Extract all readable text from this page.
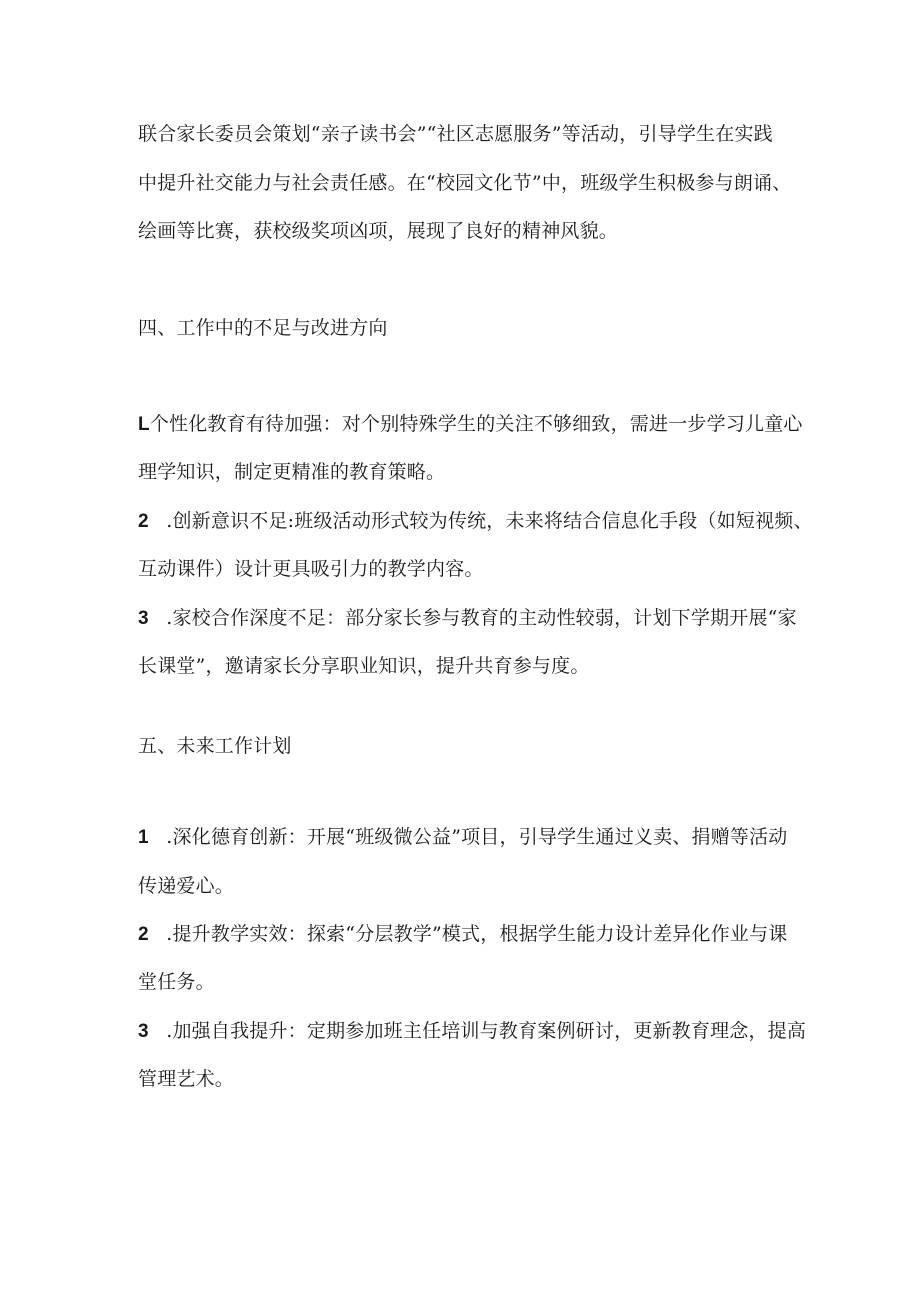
联合家长委员会策划“亲子读书会”“社区志愿服务”等活动，引导学生在实践
中提升社交能力与社会责任感。在“校园文化节”中，班级学生积极参与朗诵、
绘画等比赛，获校级奖项凶项，展现了良好的精神风貌。
四、工作中的不足与改进方向
L个性化教育有待加强：对个别特殊学生的关注不够细致，需进一步学习儿童心
理学知识，制定更精准的教育策略。
2 .创新意识不足:班级活动形式较为传统，未来将结合信息化手段（如短视频、
互动课件）设计更具吸引力的教学内容。
3 .家校合作深度不足：部分家长参与教育的主动性较弱，计划下学期开展“家
长课堂”，邀请家长分享职业知识，提升共育参与度。
五、未来工作计划
1 .深化德育创新：开展“班级微公益”项目，引导学生通过义卖、捐赠等活动
传递爱心。
2 .提升教学实效：探索“分层教学”模式，根据学生能力设计差异化作业与课
堂任务。
3 .加强自我提升：定期参加班主任培训与教育案例研讨，更新教育理念，提高
管理艺术。
